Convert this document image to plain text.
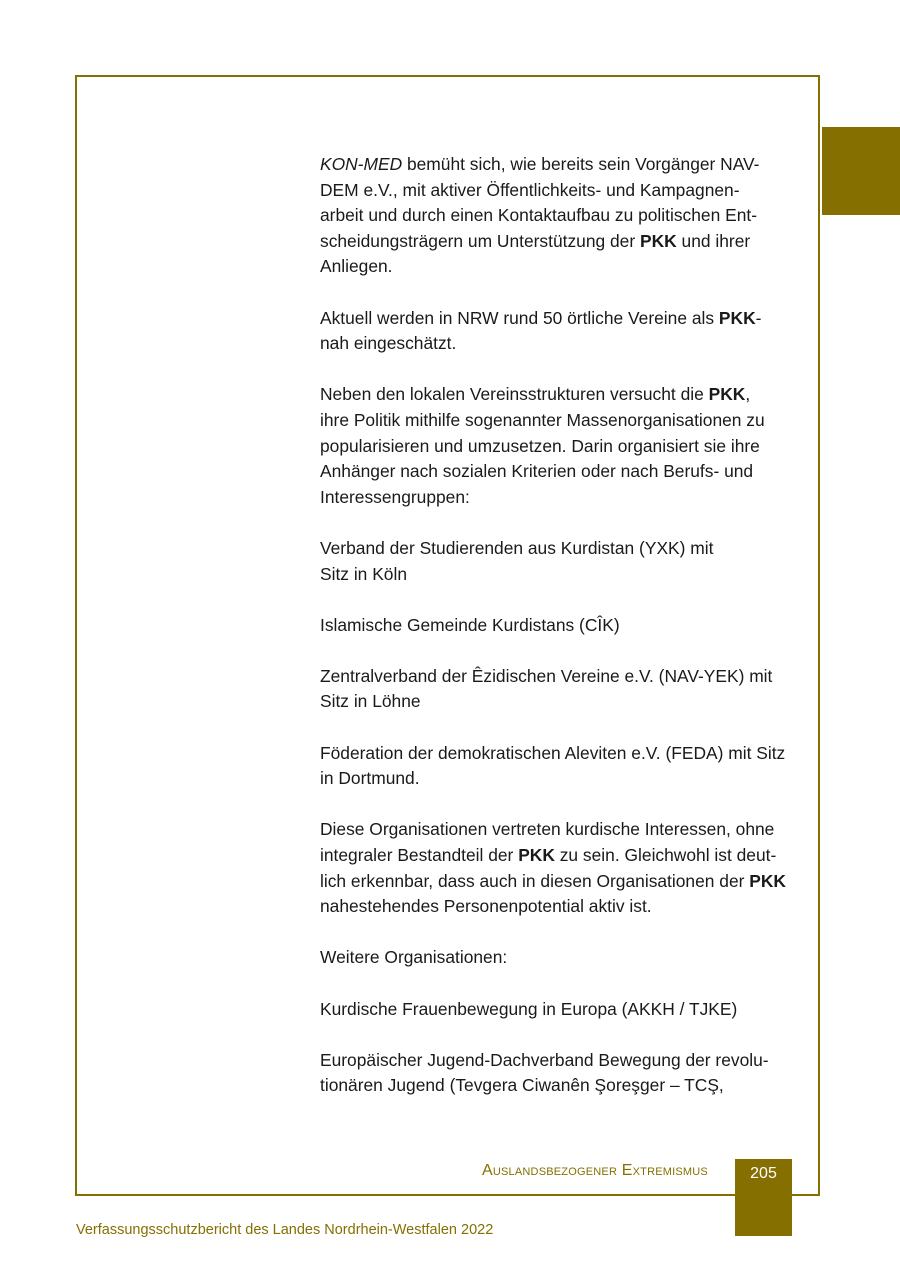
KON-MED bemüht sich, wie bereits sein Vorgänger NAV-
DEM e.V., mit aktiver Öffentlichkeits- und Kampagnen-
arbeit und durch einen Kontaktaufbau zu politischen Ent-
scheidungsträgern um Unterstützung der PKK und ihrer
Anliegen.

Aktuell werden in NRW rund 50 örtliche Vereine als PKK-
nah eingeschätzt.

Neben den lokalen Vereinsstrukturen versucht die PKK,
ihre Politik mithilfe sogenannter Massenorganisationen zu
popularisieren und umzusetzen. Darin organisiert sie ihre
Anhänger nach sozialen Kriterien oder nach Berufs- und
Interessengruppen:

Verband der Studierenden aus Kurdistan (YXK) mit
Sitz in Köln

Islamische Gemeinde Kurdistans (CÎK)

Zentralverband der Êzidischen Vereine e.V. (NAV-YEK) mit
Sitz in Löhne

Föderation der demokratischen Aleviten e.V. (FEDA) mit Sitz
in Dortmund.

Diese Organisationen vertreten kurdische Interessen, ohne
integraler Bestandteil der PKK zu sein. Gleichwohl ist deut-
lich erkennbar, dass auch in diesen Organisationen der PKK
nahestehendes Personenpotential aktiv ist.

Weitere Organisationen:

Kurdische Frauenbewegung in Europa (AKKH / TJKE)

Europäischer Jugend-Dachverband Bewegung der revolu-
tionären Jugend (Tevgera Ciwanên Şoreşger – TCŞ,

Auslandsbezogener Extremismus	205
Verfassungsschutzbericht des Landes Nordrhein-Westfalen 2022
